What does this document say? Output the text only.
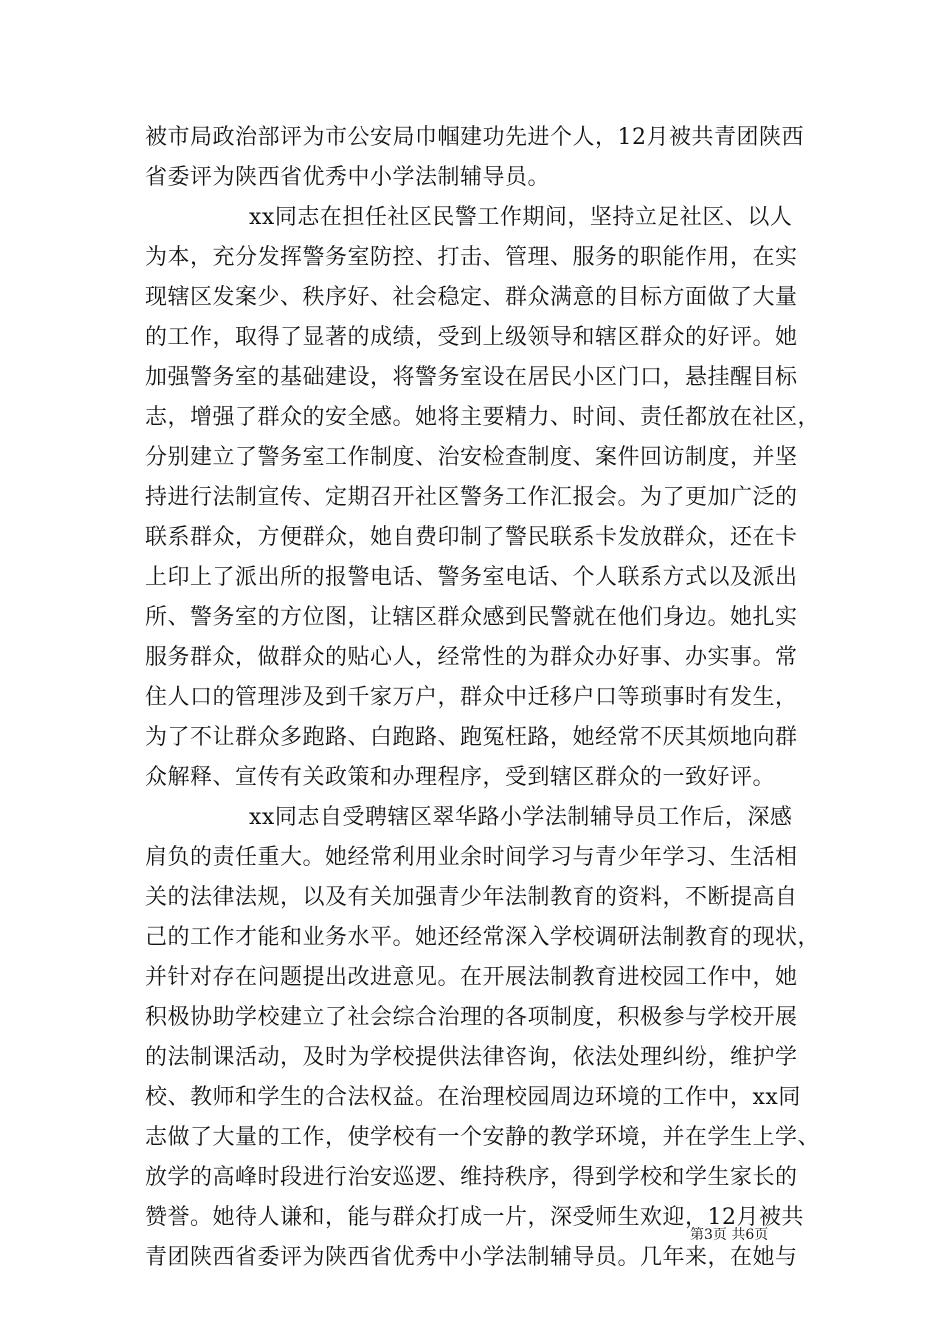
被市局政治部评为市公安局巾帼建功先进个人，12月被共青团陕西
省委评为陕西省优秀中小学法制辅导员。
xx同志在担任社区民警工作期间，坚持立足社区、以人
为本，充分发挥警务室防控、打击、管理、服务的职能作用，在实
现辖区发案少、秩序好、社会稳定、群众满意的目标方面做了大量
的工作，取得了显著的成绩，受到上级领导和辖区群众的好评。她
加强警务室的基础建设，将警务室设在居民小区门口，悬挂醒目标
志，增强了群众的安全感。她将主要精力、时间、责任都放在社区，
分别建立了警务室工作制度、治安检查制度、案件回访制度，并坚
持进行法制宣传、定期召开社区警务工作汇报会。为了更加广泛的
联系群众，方便群众，她自费印制了警民联系卡发放群众，还在卡
上印上了派出所的报警电话、警务室电话、个人联系方式以及派出
所、警务室的方位图，让辖区群众感到民警就在他们身边。她扎实
服务群众，做群众的贴心人，经常性的为群众办好事、办实事。常
住人口的管理涉及到千家万户，群众中迁移户口等琐事时有发生，
为了不让群众多跑路、白跑路、跑冤枉路，她经常不厌其烦地向群
众解释、宣传有关政策和办理程序，受到辖区群众的一致好评。
xx同志自受聘辖区翠华路小学法制辅导员工作后，深感
肩负的责任重大。她经常利用业余时间学习与青少年学习、生活相
关的法律法规，以及有关加强青少年法制教育的资料，不断提高自
己的工作才能和业务水平。她还经常深入学校调研法制教育的现状，
并针对存在问题提出改进意见。在开展法制教育进校园工作中，她
积极协助学校建立了社会综合治理的各项制度，积极参与学校开展
的法制课活动，及时为学校提供法律咨询，依法处理纠纷，维护学
校、教师和学生的合法权益。在治理校园周边环境的工作中，xx同
志做了大量的工作，使学校有一个安静的教学环境，并在学生上学、
放学的高峰时段进行治安巡逻、维持秩序，得到学校和学生家长的
赞誉。她待人谦和，能与群众打成一片，深受师生欢迎，12月被共
青团陕西省委评为陕西省优秀中小学法制辅导员。几年来，在她与
第3页 共6页
